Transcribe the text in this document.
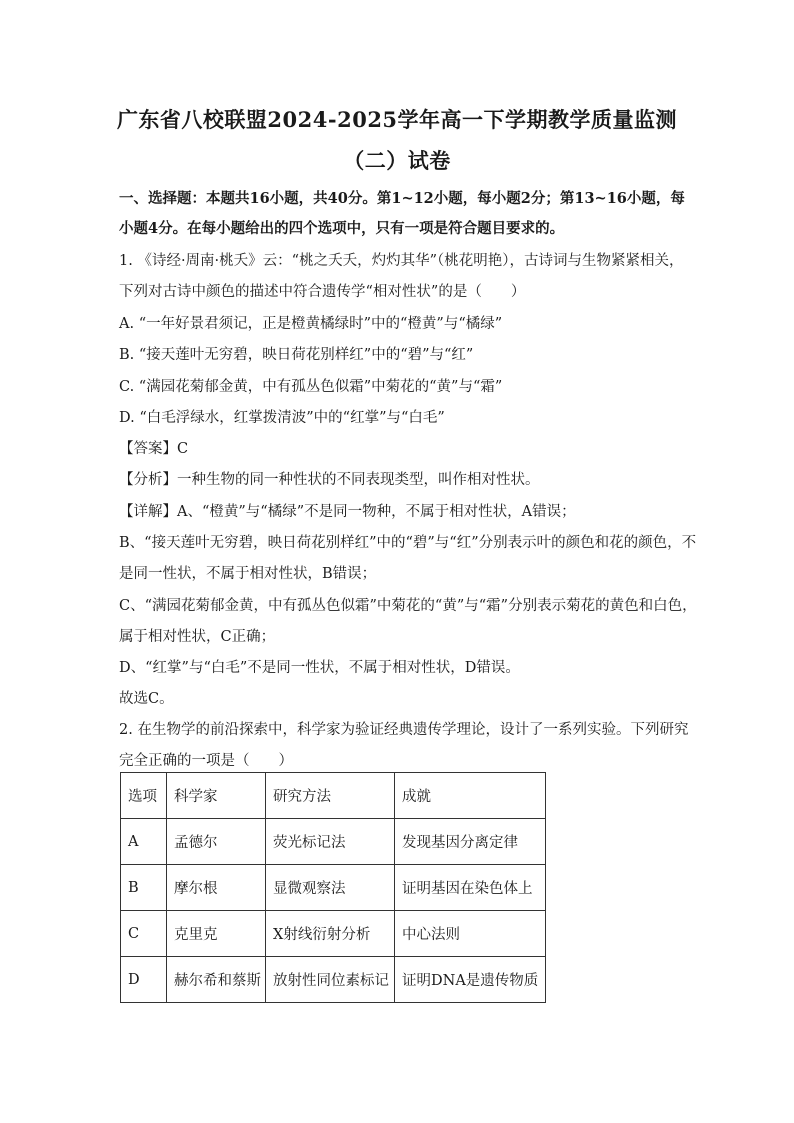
广东省八校联盟2024-2025学年高一下学期教学质量监测
（二）试卷
一、选择题：本题共16小题，共40分。第1~12小题，每小题2分；第13~16小题，每
小题4分。在每小题给出的四个选项中，只有一项是符合题目要求的。
1. 《诗经·周南·桃夭》云：“桃之夭夭，灼灼其华”（桃花明艳），古诗词与生物紧紧相关，
下列对古诗中颜色的描述中符合遗传学“相对性状”的是（　　）
A. “一年好景君须记，正是橙黄橘绿时”中的“橙黄”与“橘绿”
B. “接天莲叶无穷碧，映日荷花别样红”中的“碧”与“红”
C. “满园花菊郁金黄，中有孤丛色似霜”中菊花的“黄”与“霜”
D. “白毛浮绿水，红掌拨清波”中的“红掌”与“白毛”
【答案】C
【分析】一种生物的同一种性状的不同表现类型，叫作相对性状。
【详解】A、“橙黄”与“橘绿”不是同一物种，不属于相对性状，A错误；
B、“接天莲叶无穷碧，映日荷花别样红”中的“碧”与“红”分别表示叶的颜色和花的颜色，不
是同一性状，不属于相对性状，B错误；
C、“满园花菊郁金黄，中有孤丛色似霜”中菊花的“黄”与“霜”分别表示菊花的黄色和白色，
属于相对性状，C正确；
D、“红掌”与“白毛”不是同一性状，不属于相对性状，D错误。
故选C。
2. 在生物学的前沿探索中，科学家为验证经典遗传学理论，设计了一系列实验。下列研究
完全正确的一项是（　　）
选项	科学家	研究方法	成就
A	孟德尔	荧光标记法	发现基因分离定律
B	摩尔根	显微观察法	证明基因在染色体上
C	克里克	X射线衍射分析	中心法则
D	赫尔希和蔡斯	放射性同位素标记	证明DNA是遗传物质
